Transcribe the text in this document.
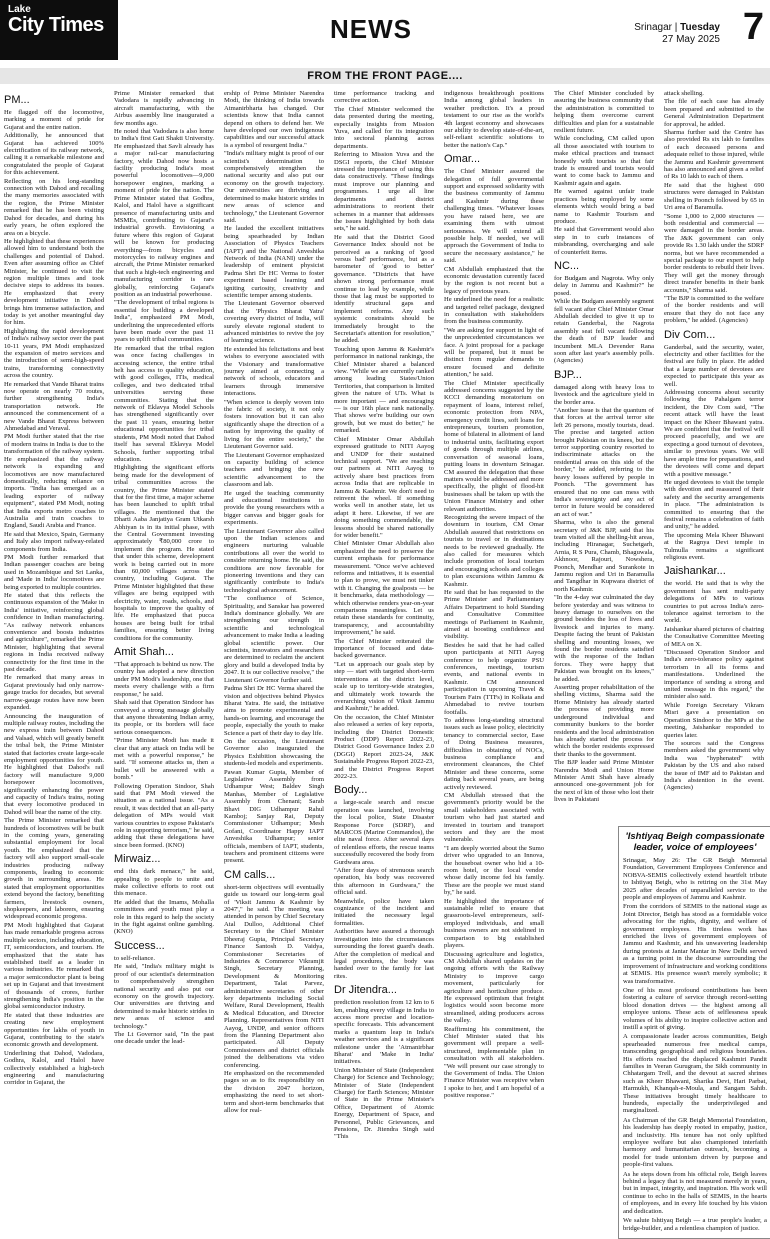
Lake
City Times	NEWS	Srinagar | Tuesday
27 May 2025 7
FROM THE FRONT PAGE....
PM...

He flagged off the locomotive, marking a moment of pride for Gujarat and the entire nation.

Additionally, he announced that Gujarat has achieved 100% electrification of its railway network, calling it a remarkable milestone and congratulated the people of Gujarat for this achievement.

Reflecting on his long-standing connection with Dahod and recalling the many memories associated with the region, the Prime Minister remarked that he has been visiting Dahod for decades, and during his early years, he often explored the area on a bicycle.

He highlighted that these experiences allowed him to understand both the challenges and potential of Dahod. Even after assuming office as Chief Minister, he continued to visit the region multiple times and took decisive steps to address its issues. He emphasized that every development initiative in Dahod brings him immense satisfaction, and today is yet another meaningful day for him.

Highlighting the rapid development of India's railway sector over the past 10-11 years, PM Modi emphasized the expansion of metro services and the introduction of semi-high-speed trains, transforming connectivity across the country.

He remarked that Vande Bharat trains now operate on nearly 70 routes, further strengthening India's transportation network. He announced the commencement of a new Vande Bharat Express between Ahmedabad and Veraval.

PM Modi further stated that the rise of modern trains in India is due to the transformation of the railway system. He emphasized that the railway network is expanding and locomotives are now manufactured domestically, reducing reliance on imports. "India has emerged as a leading exporter of railway equipment", stated PM Modi, noting that India exports metro coaches to Australia and train coaches to England, Saudi Arabia and France.

He said that Mexico, Spain, Germany and Italy also import railway-related components from India.

PM Modi further remarked that Indian passenger coaches are being used in Mozambique and Sri Lanka, and 'Made in India' locomotives are being exported to multiple countries.

He stated that this reflects the continuous expansion of the 'Make in India' initiative, reinforcing global confidence in Indian manufacturing. "As railway network enhances convenience and boosts industries and agriculture", remarked the Prime Minister, highlighting that several regions in India received railway connectivity for the first time in the past decade.

He remarked that many areas in Gujarat previously had only narrow-gauge tracks for decades, but several narrow-gauge routes have now been expanded.

Announcing the inauguration of multiple railway routes, including the new express train between Dahod and Valsad, which will greatly benefit the tribal belt, the Prime Minister stated that factories create large-scale employment opportunities for youth. He highlighted that Dahod's rail factory will manufacture 9,000 horsepower locomotives, significantly enhancing the power and capacity of India's trains, noting that every locomotive produced in Dahod will bear the name of the city.

The Prime Minister remarked that hundreds of locomotives will be built in the coming years, generating substantial employment for local youth. He emphasized that the factory will also support small-scale industries producing railway components, leading to economic growth in surrounding areas. He stated that employment opportunities extend beyond the factory, benefiting farmers, livestock owners, shopkeepers, and laborers, ensuring widespread economic progress.

PM Modi highlighted that Gujarat has made remarkable progress across multiple sectors, including education, IT, semiconductors, and tourism. He emphasized that the state has established itself as a leader in various industries. He remarked that a major semiconductor plant is being set up in Gujarat and that investment of thousands of crores, further strengthening India's position in the global semiconductor industry.

He stated that these industries are creating new employment opportunities for lakhs of youth in Gujarat, contributing to the state's economic growth and development.

Underlining that Dahod, Vadodara, Godhra, Kalol, and Halol have collectively established a high-tech engineering and manufacturing corridor in Gujarat, the

Prime Minister remarked that Vadodara is rapidly advancing in aircraft manufacturing, with the Airbus assembly line inaugurated a few months ago.

He noted that Vadodara is also home to India's first Gati Shakti University. He emphasized that Savli already has a major rail-car manufacturing factory, while Dahod now hosts a facility producing India's most powerful locomotives—9,000 horsepower engines, marking a moment of pride for the nation. The Prime Minister stated that Godhra, Kalol, and Halol have a significant presence of manufacturing units and MSMEs, contributing to Gujarat's industrial growth. Envisioning a future where this region of Gujarat will be known for producing everything—from bicycles and motorcycles to railway engines and aircraft, the Prime Minister remarked that such a high-tech engineering and manufacturing corridor is rare globally, reinforcing Gujarat's position as an industrial powerhouse.

"The development of tribal regions is essential for building a developed India", emphasized PM Modi, underlining the unprecedented efforts have been made over the past 11 years to uplift tribal communities.

He remarked that the tribal region was once facing challenges in accessing science, the entire tribal belt has access to quality education, with good colleges, ITIs, medical colleges, and two dedicated tribal universities serving these communities. Stating that the network of Eklavya Model Schools has strengthened significantly over the past 11 years, ensuring better educational opportunities for tribal students, PM Modi noted that Dahod itself has several Eklavya Model Schools, further supporting tribal education.

Highlighting the significant efforts being made for the development of tribal communities across the country, the Prime Minister stated that for the first time, a major scheme has been launched to uplift tribal villages. He mentioned that the Dharti Aaba Janjatiya Gram Utkarsh Abhiyan is in its initial phase, with the Central Government investing approximately ₹80,000 crore to implement the program. He stated that under this scheme, development work is being carried out in more than 60,000 villages across the country, including Gujarat. The Prime Minister highlighted that these villages are being equipped with electricity, water, roads, schools, and hospitals to improve the quality of life. He emphasized that pucca houses are being built for tribal families, ensuring better living conditions for the community.

Amit Shah...

"That approach is behind us now. The country has adopted a new direction under PM Modi's leadership, one that meets every challenge with a firm response," he said.

Shah said that Operation Sindoor has conveyed a strong message globally that anyone threatening Indian army, its people, or its borders will face serious consequences.

"Prime Minister Modi has made it clear that any attack on India will be met with a powerful response," he said. "If someone attacks us, then a bullet will be answered with a bomb."

Following Operation Sindoor, Shah said that PM Modi viewed the situation as a national issue. "As a result, it was decided that an all-party delegation of MPs would visit various countries to expose Pakistan's role in supporting terrorism," he said, adding that these delegations have since been formed. (KNO)

Mirwaiz...

end this dark menace," he said, appealing to people to unite and make collective efforts to root out this menace.

He added that the Imams, Mohalla committees and youth must play a role in this regard to help the society in the fight against online gambling. (KNO)

Success...

to self-reliance.

He said, "India's military might is proof of our scientist's determination to comprehensively strengthen national security and also put our economy on the growth trajectory. Our universities are thriving and determined to make historic strides in new areas of science and technology."

The Lt Governor said, "In the past one decade under the lead-

ership of Prime Minister Narendra Modi, the thinking of India towards Atmanirbharta has changed. Our scientists know that India cannot depend on others to defend her. We have developed our own indigenous capabilities and our successful attack is a symbol of resurgent India."

"India's military might is proof of our scientist's determination to comprehensively strengthen the national security and also put our economy on the growth trajectory. Our universities are thriving and determined to make historic strides in new areas of science and technology," the Lieutenant Governor said.

He lauded the excellent initiatives being spearheaded by Indian Association of Physics Teachers (IAPT) and the National Anveshika Network of India (NANI) under the leadership of eminent physicist Padma Shri Dr HC Verma to foster experiment based learning and igniting curiosity, creativity and scientific temper among students.

The Lieutenant Governor observed that the 'Physics Bharat Yatra' covering every district of India, will surely elevate regional student to advanced ministries to revive the joy of learning science.

He extended his felicitations and best wishes to everyone associated with the Visionary and transformative journey aimed at connecting a network of schools, educators and learners through immersive interactions.

"When science is deeply woven into the fabric of society, it not only fosters innovation but it can also significantly shape the direction of a nation by improving the quality of living for the entire society," the Lieutenant Governor said.

The Lieutenant Governor emphasized on capacity building of science teachers and bringing the new scientific advancement to the classroom and lab.

He urged the teaching community and educational institutions to provide the young researchers with a bigger canvas and bigger goals for experiments.

The Lieutenant Governor also called upon the Indian sciences and engineers nurturing valuable contributions all over the world to consider returning home. He said, the conditions are now favorable for pioneering inventions and they can significantly contribute to India's technological advancement.

"The confluence of Science, Spirituality, and Sanskar has powered India's dominance globally. We are strengthening our strength in scientific and technological advancement to make India a leading global scientific power. Our scientists, innovators and researchers are determined to reclaim the ancient glory and build a developed India by 2047. It is our collective resolve," the Lieutenant Governor further said.

Padma Shri Dr HC Verma shared the vision and objectives behind Physics Bharat Yatra. He said, the initiative aims to promote experimental and hands-on learning, and encourage the people, especially the youth to make Science a part of their day to day life.

On the occasion, the Lieutenant Governor also inaugurated the Physics Exhibition showcasing the students-led models and experiments.

Pawan Kumar Gupta, Member of Legislative Assembly from Udhampur West; Baldev Singh Manhas, Member of Legislative Assembly from Chenani; Sarab Bhavi DIG Udhampur Rahul Kamboj; Sanjay Rai, Deputy Commissioner Udhampur; Mesh Gofani, Coordinator Happy IAPT Anveshika Udhampur; senior officials, members of IAPT, students, teachers and prominent citizens were present.

CM calls...

short-term objectives will eventually guide us toward our long-term goal of 'Viksit Jammu & Kashmir by 2047'," he said. The meeting was attended in person by Chief Secretary Atal Dulloo, Additional Chief Secretary to the Chief Minister Dheeraj Gupta, Principal Secretary Finance Santosh D. Vaidya, Commissioner Secretaries of Industries & Commerce Vikramjit Singh, Secretary Planning, Development & Monitoring Department, Talat Parvez, administrative secretaries of other key departments including Social Welfare, Rural Development, Health & Medical Education, and Director Planning. Representatives from NITI Aayog, UNDP, and senior officers from the Planning Department also participated. All Deputy Commissioners and district officials joined the deliberations via video conferencing.

He emphasized on the recommended pages so as to fix responsibility on the division 2047 horizon, emphasizing the need to set short-term and short-term benchmarks that allow for real-

time performance tracking and corrective action.

The Chief Minister welcomed the data presented during the meeting, especially insights from Mission Yuva, and called for its integration into sectoral planning across departments.

Referring to Mission Yuva and the DSGI reports, the Chief Minister stressed the importance of using this data constructively. "These findings must improve our planning and programmes. I urge all line departments and district administrations to reorient their schemes in a manner that addresses the issues highlighted by both data sets," he said.

He said that the District Good Governance Index should not be perceived as a ranking of 'good versus bad' performance, but as a barometer of 'good to better' governance. "Districts that have shown strong performance must continue to lead by example, while those that lag must be supported to identify structural gaps and implement reforms. Any such systemic constraints should be immediately brought to the Secretariat's attention for resolution," he added.

Touching upon Jammu & Kashmir's performance in national rankings, the Chief Minister shared a balanced view. "While we are currently ranked among leading States/Union Territories, that comparison is limited given the nature of UTs. What is more important — and encouraging — is our 16th place rank nationally. That shows we're building our own growth, but we must do better," he remarked.

Chief Minister Omar Abdullah expressed gratitude to NITI Aayog and UNDP for their sustained technical support. "We are reaching our partners at NITI Aayog to actively share best practices from across India that are replicable in Jammu & Kashmir. We don't need to reinvent the wheel. If something works well in another state, let us adapt it here. Likewise, if we are doing something commendable, the lessons should be shared nationally for wider benefit."

Chief Minister Omar Abdullah also emphasized the need to preserve the current emphasis for performance measurement. "Once we've achieved reforms and initiatives, it is essential to plan to prove, we must not tinker with it. Changing the goalposts — be it benchmarks, data methodology — which otherwise renders year-on-year comparisons meaningless. Let us retain these standards for continuity, transparency, and accountability improvement," he said.

The Chief Minister reiterated the importance of focused and data-backed governance.

"Let us approach our goals step by step — start with targeted short-term interventions at the district level, scale up to territory-wide strategies, and ultimately work towards the overarching vision of Viksit Jammu and Kashmir," he added.

On the occasion, the Chief Minister also released a series of key reports, including the District Domestic Product (DDP) Report 2022-23, District Good Governance Index 2.0 (DGGI) Report 2023-24, J&K Sustainable Progress Report 2022-23, and the District Progress Report 2022-23.

Body...

a large-scale search and rescue operation was launched, involving the local police, State Disaster Response Force (SDRF), and MARCOS (Marine Commandos), the elite naval force. After several days of relentless efforts, the rescue teams successfully recovered the body from Gurdwara area.

"After four days of strenuous search operation, his body was recovered this afternoon in Gurdwara," the official said.

Meanwhile, police have taken cognizance of the incident and initiated the necessary legal formalities.

Authorities have assured a thorough investigation into the circumstances surrounding the forest guard's death. After the completion of medical and legal procedures, the body was handed over to the family for last rites.

Dr Jitendra...

prediction resolution from 12 km to 6 km, enabling every village in India to access more precise and location-specific forecasts. This advancement marks a quantum leap in India's weather services and is a significant milestone under the 'Atmanirbhar Bharat' and 'Make in India' initiatives.

Union Minister of State (Independent Charge) for Science and Technology; Minister of State (Independent Charge) for Earth Sciences; Minister of State in the Prime Minister's Office, Department of Atomic Energy, Department of Space, and Personnel, Public Grievances, and Pensions, Dr. Jitendra Singh said "This

indigenous breakthrough positions India among global leaders in weather prediction. It's a proud testament to our rise as the world's 4th largest economy and showcases our ability to develop state-of-the-art, self-reliant scientific solutions to better the nation's Cap."

Omar...

The Chief Minister assured the delegation of full governmental support and expressed solidarity with the business community of Jammu and Kashmir during these challenging times. "Whatever losses you have raised here, we are examining them with utmost seriousness. We will extend all possible help. If needed, we will approach the Government of India to secure the necessary assistance," he said.

CM Abdullah emphasized that the economic devastation currently faced by the region is not recent but a legacy of previous years.

He underlined the need for a realistic and targeted relief package, designed in consultation with stakeholders from the business community.

"We are asking for support in light of the unprecedented circumstances we face. A joint proposal for a package will be prepared, but it must be distinct from regular demands to ensure focused and definite attention," he said.

The Chief Minister specifically addressed concerns suggested by the KCCI demanding moratorium on repayment of loans, interest relief, economic protection from NPA, emergency credit lines, soft loans for entrepreneurs, tourism promotion, home of bilateral in allotment of land to industrial units, facilitating export of goods through multiple airlines, conversation of seasonal loans, putting loans in downturn Srinagar. CM assured the delegation that these matters would be addressed and more specifically, the plight of flood-hit businesses shall be taken up with the Union Finance Ministry and other relevant authorities.

Recognizing the severe impact of the downturn in tourism, CM Omar Abdullah assured that restrictions on tourists to travel or in destinations needs to be reviewed gradually. He also called for measures which include promotion of local tourism and encouraging schools and colleges to plan excursions within Jammu & Kashmir.

He said that he has requested to the Prime Minister and Parliamentary Affairs Department to hold Standing and Consultative Committee meetings of Parliament in Kashmir, aimed at boosting confidence and visibility.

Besides he said that he had called upon participants at NITI Aayog conference to help organize PSU conferences, meetings, tourism events, and national events in Kashmir. CM announced participation in upcoming Travel & Tourism Fairs (TTFs) in Kolkata and Ahmedabad to revive tourism footfalls.

To address long-standing structural issues such as lease policy, electricity tenancy to commercial sector, Ease of Doing Business measures, difficulties in obtaining of NOCs, business compliance and environment clearances, the Chief Minister and these concerns, some dating back several years, are being actively reviewed.

CM Abdullah stressed that the government's priority would be the small stakeholders associated with tourism who had just started and invested in tourism and transport sectors and they are the most vulnerable.

"I am deeply worried about the Sumo driver who upgraded to an Innova, the houseboat owner who hid a 10-room hotel, or the local vendor whose daily income fed his family. These are the people we must stand by," he said.

He highlighted the importance of sustainable relief to ensure that grassroots-level entrepreneurs, self-employed individuals, and small business owners are not sidelined in comparison to big established players.

Discussing agriculture and logistics, CM Abdullah shared updates on the ongoing efforts with the Railway Ministry to improve cargo movement, particularly for agriculture and horticulture produce. He expressed optimism that freight logistics would soon become more streamlined, aiding producers across the valley.

Reaffirming his commitment, the Chief Minister stated that his government will prepare a well-structured, implementable plan in consultation with all stakeholders. "We will present our case strongly to the Government of India. The Union Finance Minister was receptive when I spoke to her, and I am hopeful of a positive response."

The Chief Minister concluded by assuring the business community that the administration is committed to helping them overcome current difficulties and plan for a sustainable resilient future.

While concluding, CM called upon all those associated with tourism to make ethical practices and transact honestly with tourists so that fair trade is ensured and tourists would want to come back to Jammu and Kashmir again and again.

He warned against unfair trade practices being employed by some elements which would bring a bad name to Kashmir Tourism and produce.

He said that Government would also step in to curb instances of misbranding, overcharging and sale of counterfeit items.

NC...

for Budgam and Nagrota. Why only delay in Jammu and Kashmir?" he posed.

While the Budgam assembly segment fell vacant after Chief Minister Omar Abdullah decided to give it up to retain Ganderbal, the Nagrota assembly seat fell vacant following the death of BJP leader and incumbent MLA Devender Rana soon after last year's assembly polls. (Agencies)

BJP...

damaged along with heavy loss to livestock and the agriculture yield in the border area.

"Another issue is that the quantum of that forces at the arrival terror site left 26 persons, mostly tourists, dead. The precise and targeted action brought Pakistan on its knees, but the terror supporting country resorted to indiscriminate attacks on the residential areas on this side of the border," he added, referring to the heavy losses suffered by people in Poonch. "The government has ensured that no one can mess with India's sovereignty and any act of terror in future would be considered an act of war."

Sharma, who is also the general secretary of J&K BJP, said that his team visited all the shelling-hit areas, including Hiranagar, Suchetgarh, Arnia, R S Pura, Chamb, Bhaguwala, Akhnoor, Rajouri, Nowshera, Poonch, Mendhar and Surankote in Jammu region and Uri in Baramulla and Tangdhar in Kupwara district of north Kashmir.

"In the 4-day war culminated the day before yesterday and was witness to heavy damage to ourselves on the ground besides the loss of lives and livestock and injuries to many. Despite facing the brunt of Pakistan shelling and mounting losses, we found the border residents satisfied with the response of the Indian forces. They were happy that Pakistan was brought on its knees," he added.

Asserting proper rehabilitation of the shelling victims, Sharma said the Home Ministry has already started the process of providing more underground individual and community bunkers to the border residents and the local administration has already started the process for which the border residents expressed their thanks to the government.

The BJP leader said Prime Minister Narendra Modi and Union Home Minister Amit Shah have already announced one-government job for the next of kin of those who lost their lives in Pakistani

attack shelling.

The file of each case has already been prepared and submitted to the General Administration Department for approval, he added.

Sharma further said the Centre has also provided Rs six lakh to families of each deceased persons and adequate relief to those injured, while the Jammu and Kashmir government has also announced and given a relief of Rs 10 lakh to each of them.

He said that the highest 690 structures were damaged in Pakistan shelling in Poonch followed by 65 in Uri area of Baramulla.

"Some 1,000 to 2,000 structures — both residential and commercial — were damaged in the border areas. The J&K government can only provide Rs 1.30 lakh under the SDRF norms, but we have recommended a special package to our expert to help border residents to rebuild their lives. They will get the money through direct transfer benefits in their bank accounts," Sharma said.

"The BJP is committed to the welfare of the border residents and will ensure that they do not face any problem," he added. (Agencies)

Div Com...

Ganderbal, said the security, water, electricity and other facilities for the festival are fully in place. He added that a large number of devotees are expected to participate this year as well.

Addressing concerns about security following the Pahalgam terror incident, the Div Com said, "The recent attack will have the least impact on the Kheer Bhawani yatra. We are confident that the festival will proceed peacefully, and we are expecting a good turnout of devotees, similar to previous years. We will have ample time for preparations, and the devotees will come and depart with a positive message."

He urged devotees to visit the temple with devotion and reassured of their safety and the security arrangements in place. "The administration is committed to ensuring that the festival remains a celebration of faith and unity," he added.

The upcoming Mela Kheer Bhawani at the Ragnya Devi temple in Tulmulla remains a significant religious event.

Jaishankar...

the world. He said that is why the government has sent multi-party delegations of MPs to various countries to put across India's zero-tolerance against terrorism to the world.

Jaishankar shared pictures of chairing the Consultative Committee Meeting of MEA on X.

"Discussed Operation Sindoor and India's zero-tolerance policy against terrorism in all its forms and manifestations. Underlined the importance of sending a strong and united message in this regard," the minister also said.

While Foreign Secretary Vikram Misri gave a presentation on Operation Sindoor to the MPs at the meeting, Jaishankar responded to queries later.

The sources said the Congress members asked the government why India was "hyphenated" with Pakistan by the US and also raised the issue of IMF aid to Pakistan and India's abstention in the event. (Agencies)

'Ishtiyaq Beigh compassionate leader, voice of employees'

Srinagar, May 26: The GR Beigh Memorial Foundation, Government Employees Conference and NOBVA-SEMIS collectively extend heartfelt tribute to Ishtiyaq Beigh, who is retiring on the 31st May 2025 after decades of unparalleled service to the people and employees of Jammu and Kashmir.

From the corridors of SEMIS to the national stage as Joint Director, Beigh has stood as a formidable voice advocating for the rights, dignity, and welfare of government employees. His tireless work has enriched the lives of government employees of Jammu and Kashmir, and his unwavering leadership during protests at Jantar Mantar in New Delhi served as a turning point in the discourse surrounding the improvement of infrastructure and working conditions at SEMIS. His presence wasn't merely symbolic; it was transformative.

One of his most profound contributions has been fostering a culture of service through record-setting blood donation drives — the highest among all employee unions. These acts of selflessness speak volumes of his ability to inspire collective action and instill a spirit of giving.

A compassionate leader across communities, Beigh spearheaded numerous free medical camps, transcending geographical and religious boundaries. His efforts reached the displaced Kashmiri Pandit families in Veeran Gurugram, the Sikh community in Chhatargam Trell, and the devout at sacred shrines such as Kheer Bhawani, Sharika Devi, Hari Parbat, Harmukh, Khanqah-e-Moula, and Sangam Sahib. These initiatives brought timely healthcare to hundreds, especially the underprivileged and marginalized.

As Chairman of the GR Beigh Memorial Foundation, his leadership has deeply rooted in empathy, justice, and inclusivity. His tenure has not only uplifted employee welfare but also championed interfaith harmony and humanitarian outreach, becoming a model for trade unionism driven by purpose and people-first values.

As he steps down from his official role, Beigh leaves behind a legacy that is not measured merely in years, but in impact, integrity, and inspiration. His work will continue to echo in the halls of SEMIS, in the hearts of employees, and in every life touched by his vision and dedication.

We salute Ishtiyaq Beigh — a true people's leader, a bridge-builder, and a relentless champion of justice.
